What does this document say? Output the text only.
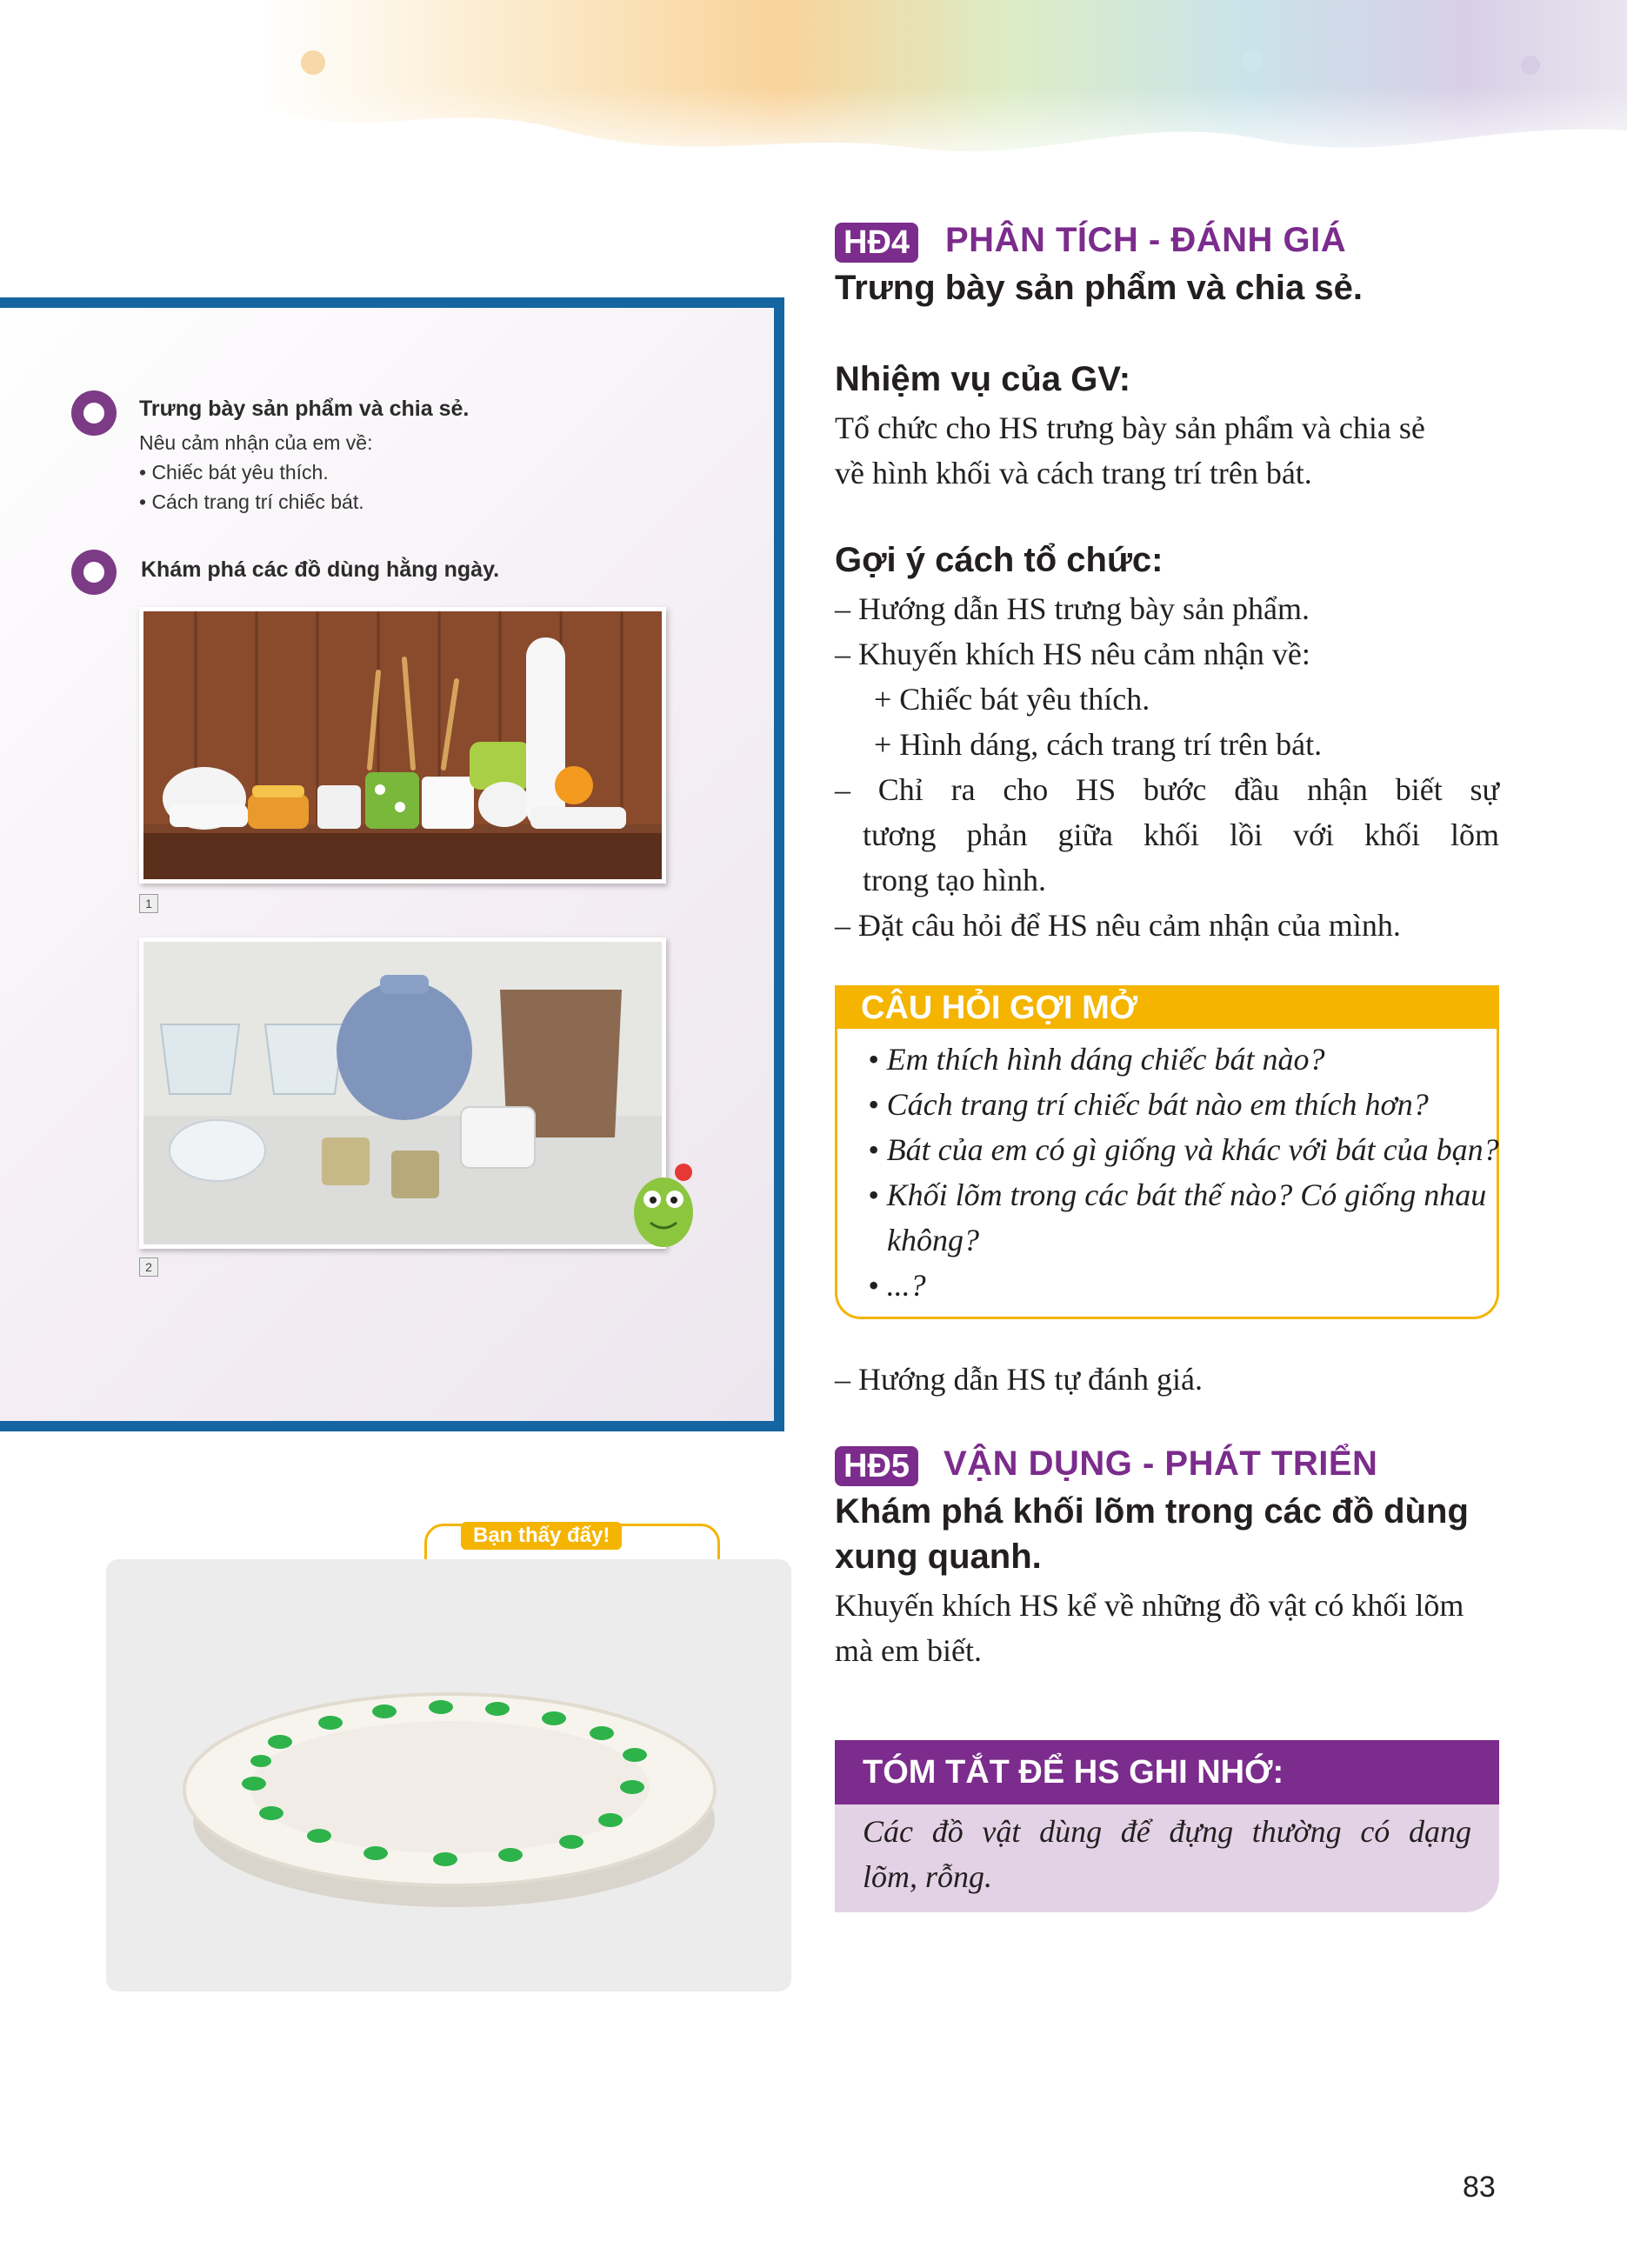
Trưng bày sản phẩm và chia sẻ.
Nêu cảm nhận của em về:
• Chiếc bát yêu thích.
• Cách trang trí chiếc bát.
Khám phá các đồ dùng hằng ngày.
1
2
Bạn thấy đấy!
HĐ4 PHÂN TÍCH - ĐÁNH GIÁ
Trưng bày sản phẩm và chia sẻ.
Nhiệm vụ của GV:
Tổ chức cho HS trưng bày sản phẩm và chia sẻ
về hình khối và cách trang trí trên bát.
Gợi ý cách tổ chức:
– Hướng dẫn HS trưng bày sản phẩm.
– Khuyến khích HS nêu cảm nhận về:
+ Chiếc bát yêu thích.
+ Hình dáng, cách trang trí trên bát.
– Chỉ ra cho HS bước đầu nhận biết sự
tương phản giữa khối lồi với khối lõm
trong tạo hình.
– Đặt câu hỏi để HS nêu cảm nhận của mình.
CÂU HỎI GỢI MỞ
• Em thích hình dáng chiếc bát nào?
• Cách trang trí chiếc bát nào em thích hơn?
• Bát của em có gì giống và khác với bát của bạn?
• Khối lõm trong các bát thế nào? Có giống nhau
không?
• ...?
– Hướng dẫn HS tự đánh giá.
HĐ5 VẬN DỤNG - PHÁT TRIỂN
Khám phá khối lõm trong các đồ dùng
xung quanh.
Khuyến khích HS kể về những đồ vật có khối lõm
mà em biết.
TÓM TẮT ĐỂ HS GHI NHỚ:
Các đồ vật dùng để đựng thường có dạng
lõm, rỗng.
83
